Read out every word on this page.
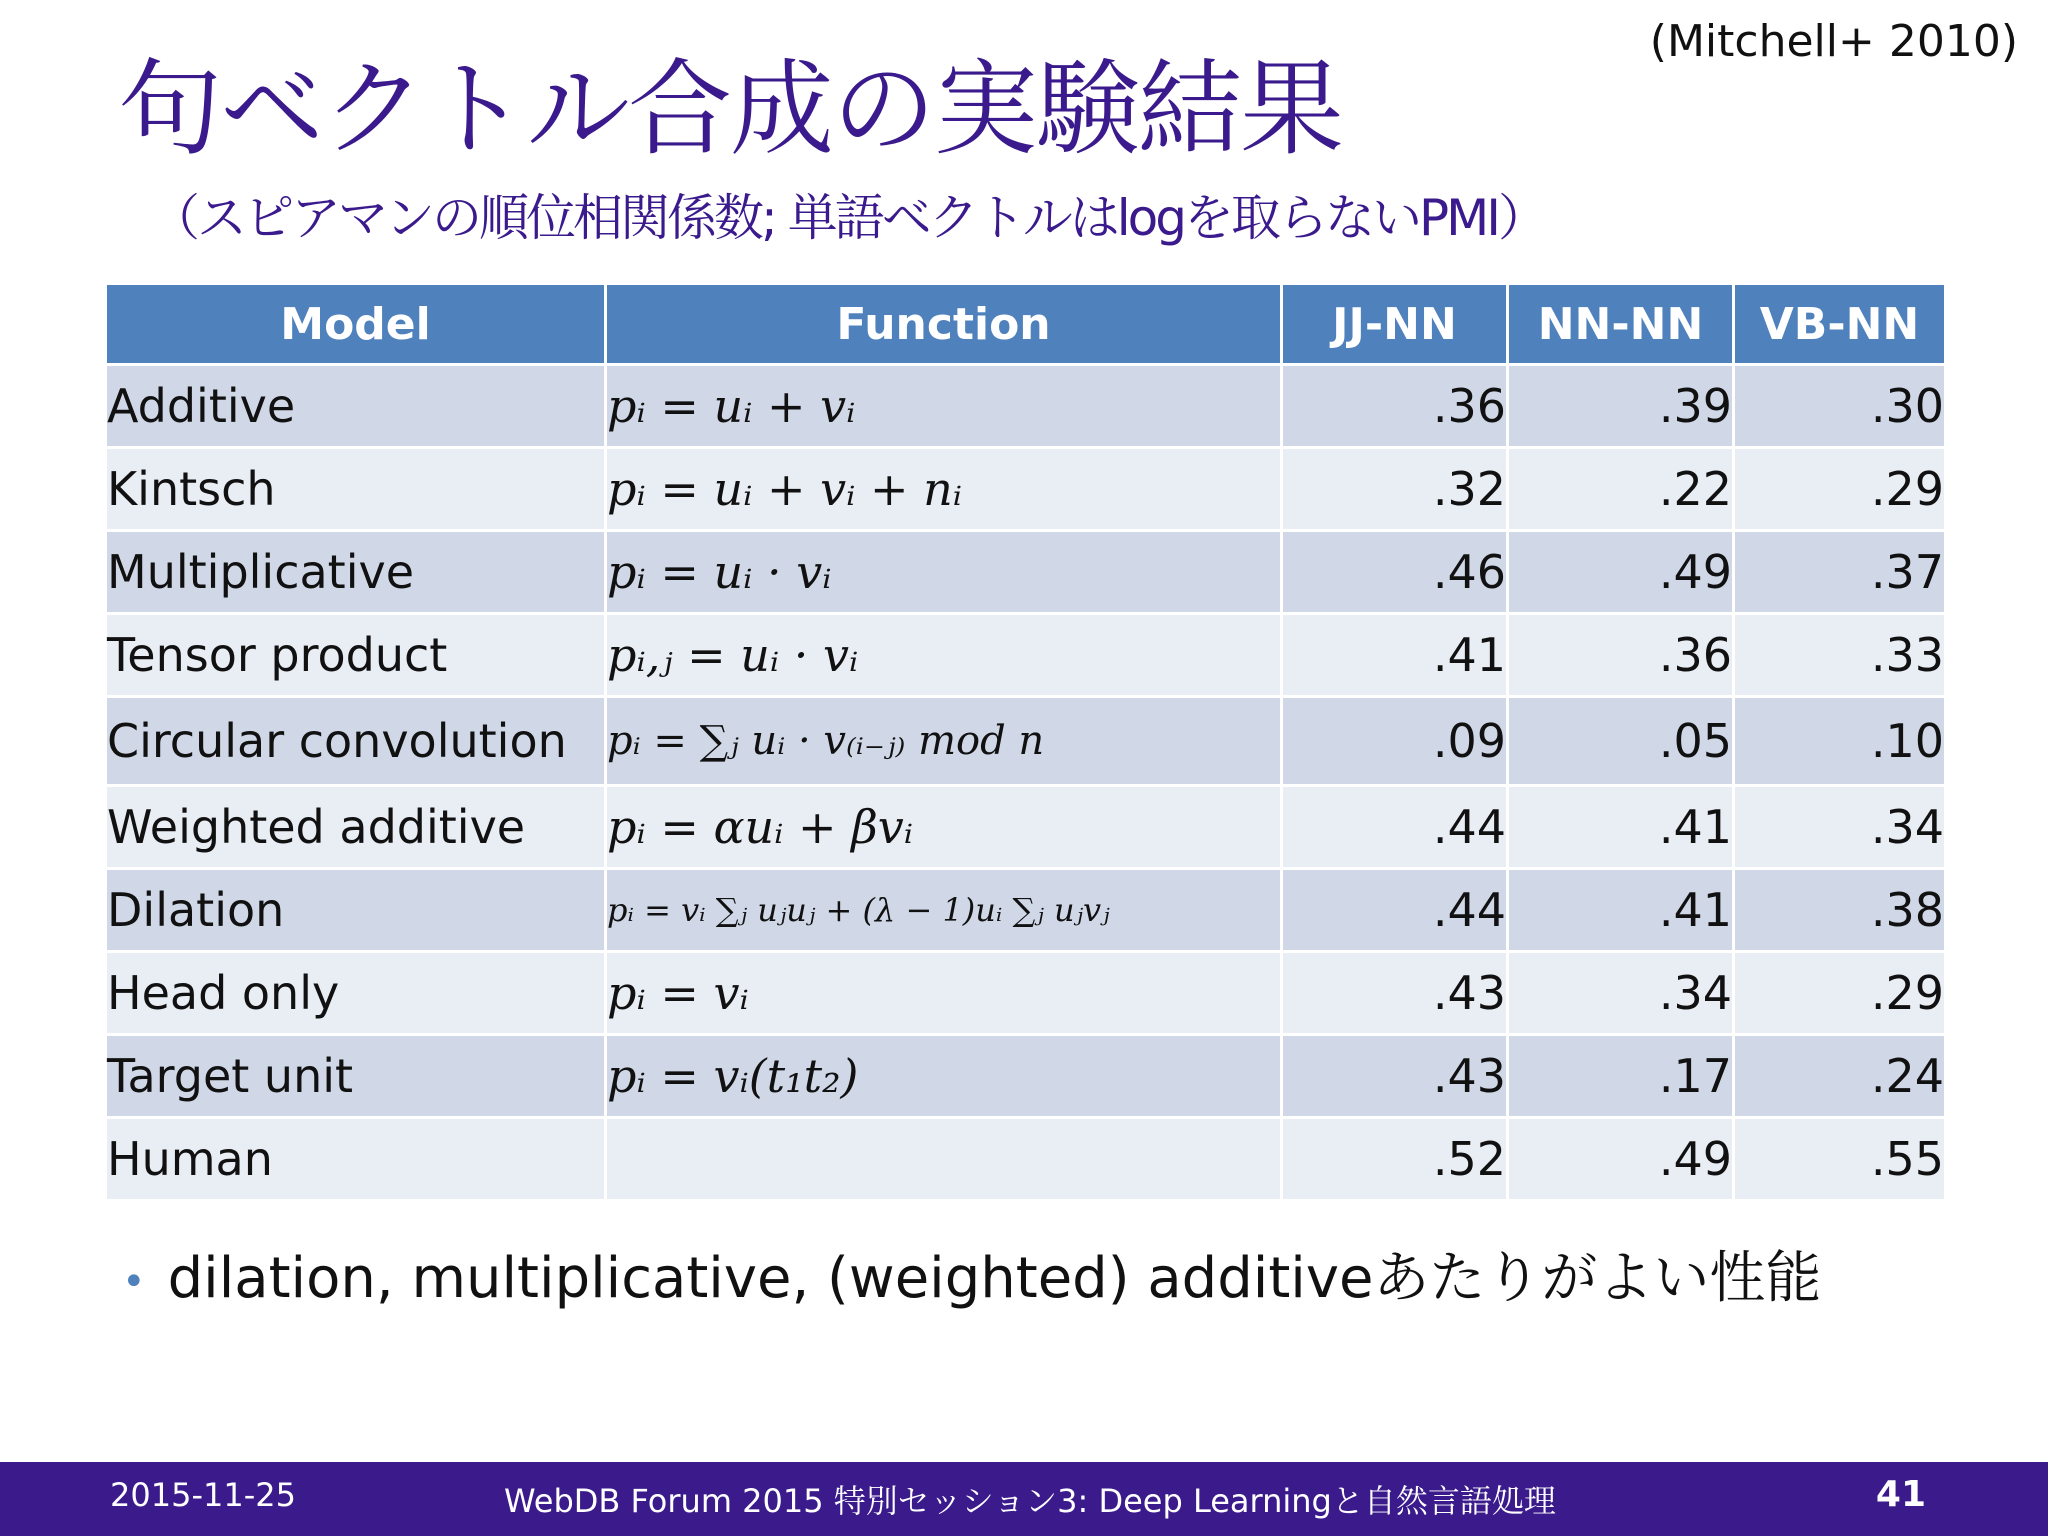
(Mitchell+ 2010)
句ベクトル合成の実験結果
（スピアマンの順位相関係数; 単語ベクトルはlogを取らないPMI）
Model	Function	JJ-NN	NN-NN	VB-NN
Additive	pᵢ = uᵢ + vᵢ	.36	.39	.30
Kintsch	pᵢ = uᵢ + vᵢ + nᵢ	.32	.22	.29
Multiplicative	pᵢ = uᵢ · vᵢ	.46	.49	.37
Tensor product	pᵢ,ⱼ = uᵢ · vᵢ	.41	.36	.33
Circular convolution	pᵢ = ∑ⱼ uᵢ · v₍ᵢ₋ⱼ₎ mod n	.09	.05	.10
Weighted additive	pᵢ = αuᵢ + βvᵢ	.44	.41	.34
Dilation	pᵢ = vᵢ ∑ⱼ uⱼuⱼ + (λ − 1)uᵢ ∑ⱼ uⱼvⱼ	.44	.41	.38
Head only	pᵢ = vᵢ	.43	.34	.29
Target unit	pᵢ = vᵢ(t₁t₂)	.43	.17	.24
Human		.52	.49	.55
• dilation, multiplicative, (weighted) additiveあたりがよい性能
2015-11-25	WebDB Forum 2015 特別セッション3: Deep Learningと自然言語処理	41
